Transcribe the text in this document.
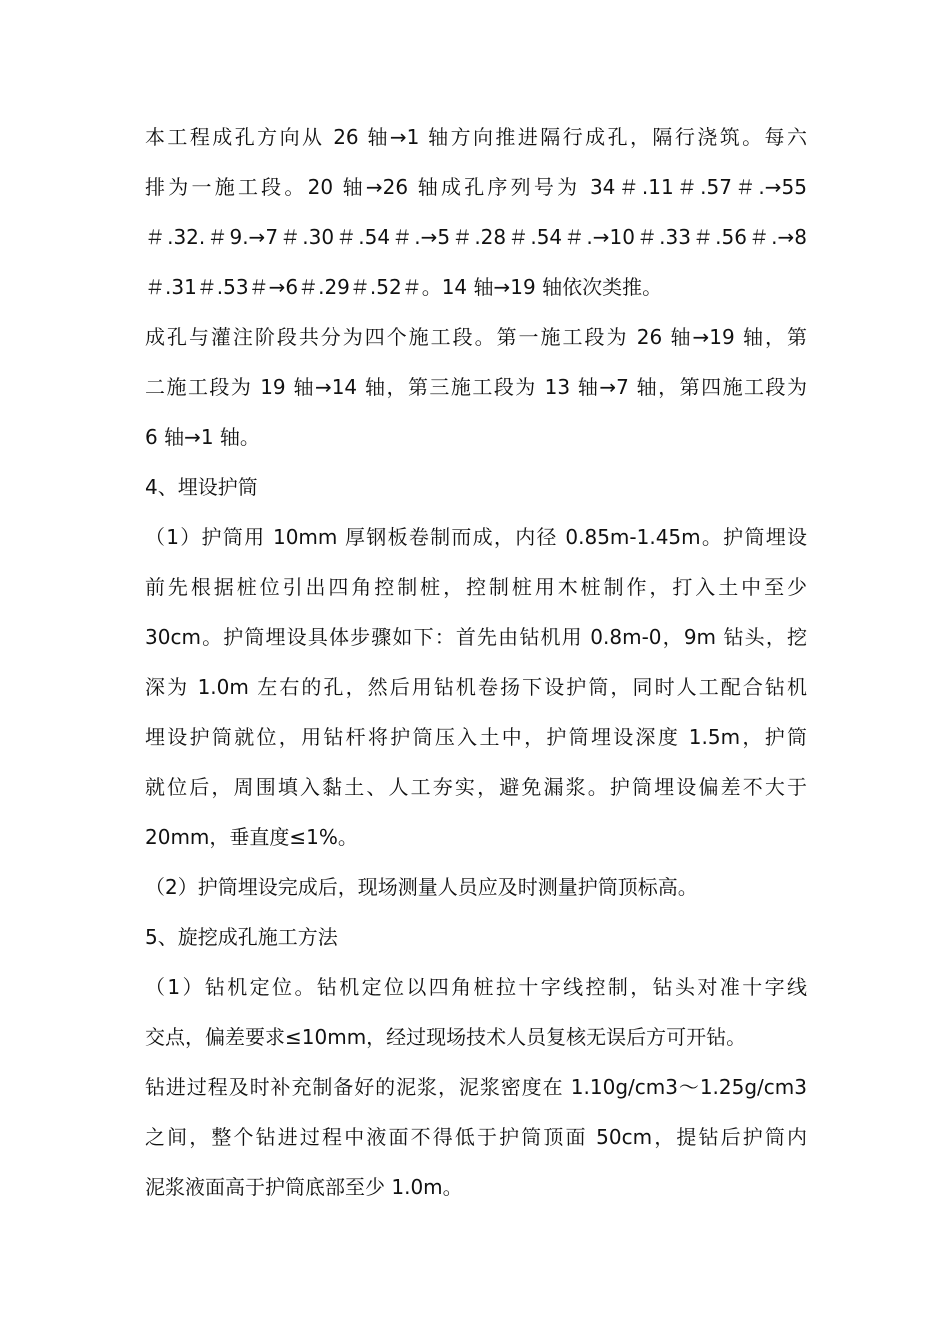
本工程成孔方向从 26 轴→1 轴方向推进隔行成孔，隔行浇筑。每六
排为一施工段。20 轴→26 轴成孔序列号为 34＃.11＃.57＃.→55
＃.32.＃9.→7＃.30＃.54＃.→5＃.28＃.54＃.→10＃.33＃.56＃.→8
＃.31＃.53＃→6＃.29＃.52＃。14 轴→19 轴依次类推。
成孔与灌注阶段共分为四个施工段。第一施工段为 26 轴→19 轴，第
二施工段为 19 轴→14 轴，第三施工段为 13 轴→7 轴，第四施工段为
6 轴→1 轴。
4、埋设护筒
（1）护筒用 10mm 厚钢板卷制而成，内径 0.85m-1.45m。护筒埋设
前先根据桩位引出四角控制桩，控制桩用木桩制作，打入土中至少
30cm。护筒埋设具体步骤如下：首先由钻机用 0.8m-0，9m 钻头，挖
深为 1.0m 左右的孔，然后用钻机卷扬下设护筒，同时人工配合钻机
埋设护筒就位，用钻杆将护筒压入土中，护筒埋设深度 1.5m，护筒
就位后，周围填入黏土、人工夯实，避免漏浆。护筒埋设偏差不大于
20mm，垂直度≤1%。
（2）护筒埋设完成后，现场测量人员应及时测量护筒顶标高。
5、旋挖成孔施工方法
（1）钻机定位。钻机定位以四角桩拉十字线控制，钻头对准十字线
交点，偏差要求≤10mm，经过现场技术人员复核无误后方可开钻。
钻进过程及时补充制备好的泥浆，泥浆密度在 1.10g/cm3～1.25g/cm3
之间，整个钻进过程中液面不得低于护筒顶面 50cm，提钻后护筒内
泥浆液面高于护筒底部至少 1.0m。
